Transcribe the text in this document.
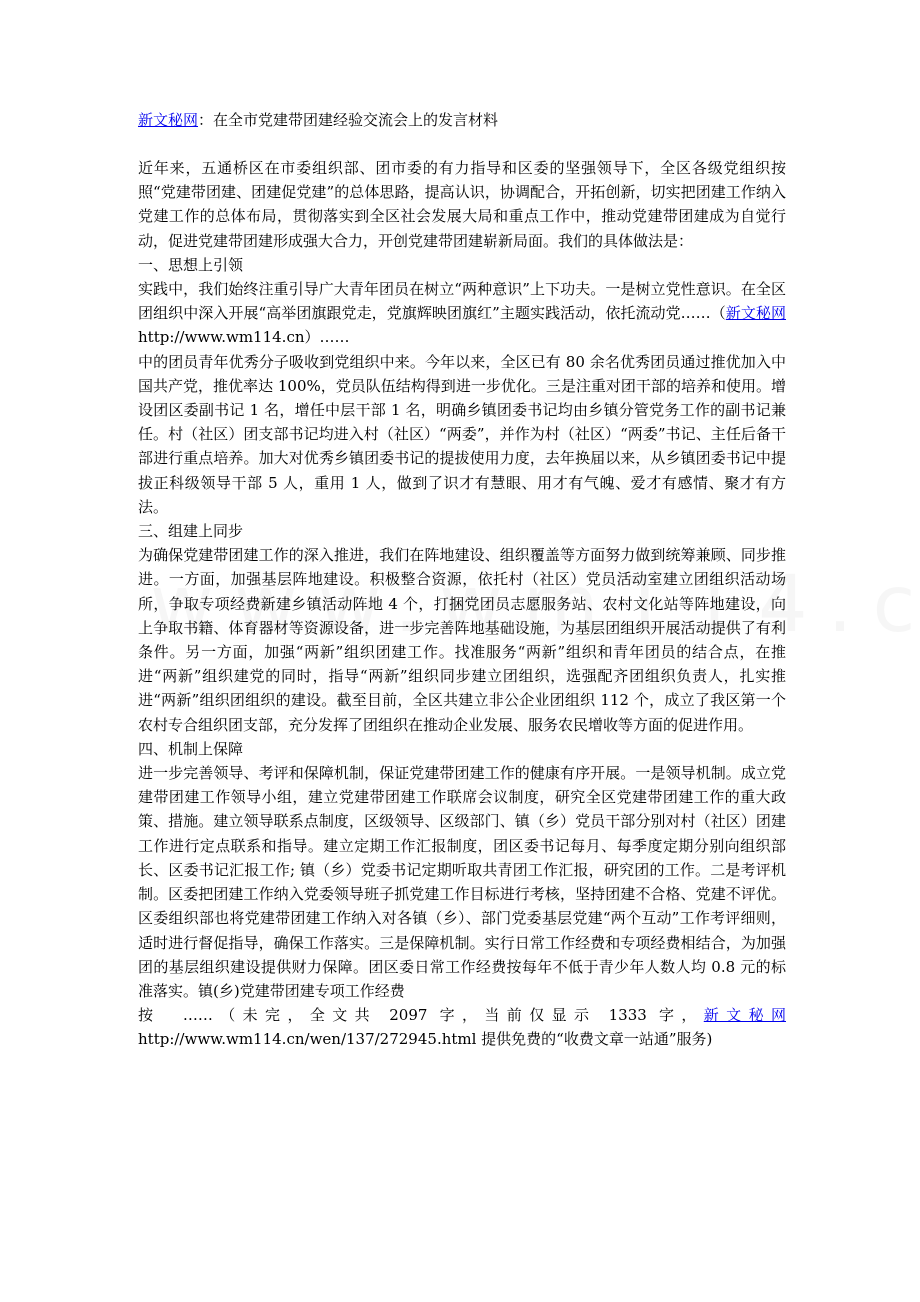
新文秘网：在全市党建带团建经验交流会上的发言材料

近年来，五通桥区在市委组织部、团市委的有力指导和区委的坚强领导下，全区各级党组织按照“党建带团建、团建促党建”的总体思路，提高认识，协调配合，开拓创新，切实把团建工作纳入党建工作的总体布局，贯彻落实到全区社会发展大局和重点工作中，推动党建带团建成为自觉行动，促进党建带团建形成强大合力，开创党建带团建崭新局面。我们的具体做法是：

一、思想上引领

实践中，我们始终注重引导广大青年团员在树立“两种意识”上下功夫。一是树立党性意识。在全区团组织中深入开展“高举团旗跟党走，党旗辉映团旗红”主题实践活动，依托流动党……（新文秘网 http://www.wm114.cn）……

中的团员青年优秀分子吸收到党组织中来。今年以来，全区已有 80 余名优秀团员通过推优加入中国共产党，推优率达 100%，党员队伍结构得到进一步优化。三是注重对团干部的培养和使用。增设团区委副书记 1 名，增任中层干部 1 名，明确乡镇团委书记均由乡镇分管党务工作的副书记兼任。村（社区）团支部书记均进入村（社区）“两委”，并作为村（社区）“两委”书记、主任后备干部进行重点培养。加大对优秀乡镇团委书记的提拔使用力度，去年换届以来，从乡镇团委书记中提拔正科级领导干部 5 人，重用 1 人，做到了识才有慧眼、用才有气魄、爱才有感情、聚才有方法。

三、组建上同步

为确保党建带团建工作的深入推进，我们在阵地建设、组织覆盖等方面努力做到统筹兼顾、同步推进。一方面，加强基层阵地建设。积极整合资源，依托村（社区）党员活动室建立团组织活动场所，争取专项经费新建乡镇活动阵地 4 个，打捆党团员志愿服务站、农村文化站等阵地建设，向上争取书籍、体育器材等资源设备，进一步完善阵地基础设施，为基层团组织开展活动提供了有利条件。另一方面，加强“两新”组织团建工作。找准服务“两新”组织和青年团员的结合点，在推进“两新”组织建党的同时，指导“两新”组织同步建立团组织，选强配齐团组织负责人，扎实推进“两新”组织团组织的建设。截至目前，全区共建立非公企业团组织 112 个，成立了我区第一个农村专合组织团支部，充分发挥了团组织在推动企业发展、服务农民增收等方面的促进作用。

四、机制上保障

进一步完善领导、考评和保障机制，保证党建带团建工作的健康有序开展。一是领导机制。成立党建带团建工作领导小组，建立党建带团建工作联席会议制度，研究全区党建带团建工作的重大政策、措施。建立领导联系点制度，区级领导、区级部门、镇（乡）党员干部分别对村（社区）团建工作进行定点联系和指导。建立定期工作汇报制度，团区委书记每月、每季度定期分别向组织部长、区委书记汇报工作; 镇（乡）党委书记定期听取共青团工作汇报，研究团的工作。二是考评机制。区委把团建工作纳入党委领导班子抓党建工作目标进行考核，坚持团建不合格、党建不评优。区委组织部也将党建带团建工作纳入对各镇（乡）、部门党委基层党建“两个互动”工作考评细则，适时进行督促指导，确保工作落实。三是保障机制。实行日常工作经费和专项经费相结合，为加强团的基层组织建设提供财力保障。团区委日常工作经费按每年不低于青少年人数人均 0.8 元的标准落实。镇(乡)党建带团建专项工作经费

按　……（未完，全文共 2097 字，当前仅显示 1333 字，新文秘网

http://www.wm114.cn/wen/137/272945.html 提供免费的“收费文章一站通”服务)
